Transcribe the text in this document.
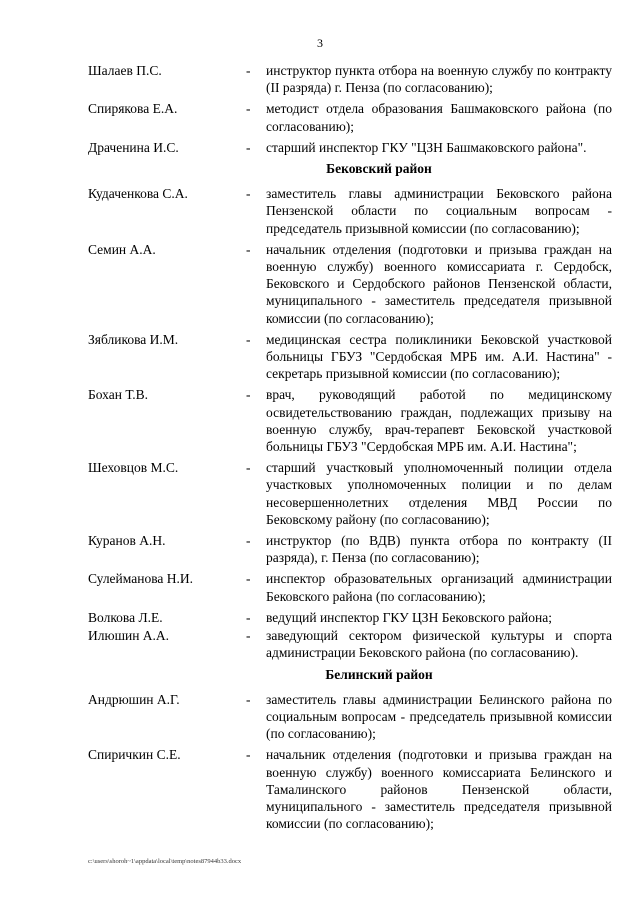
3
Шалаев П.С.	-	инструктор пункта отбора на военную службу по контракту (II разряда) г. Пенза (по согласованию);
Спирякова Е.А.	-	методист отдела образования Башмаковского района (по согласованию);
Драченина И.С.	-	старший инспектор ГКУ "ЦЗН Башмаковского района".
Бековский район
Кудаченкова С.А.	-	заместитель главы администрации Бековского района Пензенской области по социальным вопросам - председатель призывной комиссии (по согласованию);
Семин А.А.	-	начальник отделения (подготовки и призыва граждан на военную службу) военного комиссариата г. Сердобск, Бековского и Сердобского районов Пензенской области, муниципального - заместитель председателя призывной комиссии (по согласованию);
Зябликова И.М.	-	медицинская сестра поликлиники Бековской участковой больницы ГБУЗ "Сердобская МРБ им. А.И. Настина" - секретарь призывной комиссии (по согласованию);
Бохан Т.В.	-	врач, руководящий работой по медицинскому освидетельствованию граждан, подлежащих призыву на военную службу, врач-терапевт Бековской участковой больницы ГБУЗ "Сердобская МРБ им. А.И. Настина";
Шеховцов М.С.	-	старший участковый уполномоченный полиции отдела участковых уполномоченных полиции и по делам несовершеннолетних отделения МВД России по Бековскому району (по согласованию);
Куранов А.Н.	-	инструктор (по ВДВ) пункта отбора по контракту (II разряда), г. Пенза (по согласованию);
Сулейманова Н.И.	-	инспектор образовательных организаций администрации Бековского района (по согласованию);
Волкова Л.Е.	-	ведущий инспектор ГКУ ЦЗН Бековского района;
Илюшин А.А.	-	заведующий сектором физической культуры и спорта администрации Бековского района (по согласованию).
Белинский район
Андрюшин А.Г.	-	заместитель главы администрации Белинского района по социальным вопросам - председатель призывной комиссии (по согласованию);
Спиричкин С.Е.	-	начальник отделения (подготовки и призыва граждан на военную службу) военного комиссариата Белинского и Тамалинского районов Пензенской области, муниципального - заместитель председателя призывной комиссии (по согласованию);
c:\users\shoroh~1\appdata\local\temp\notes87944b33.docx
